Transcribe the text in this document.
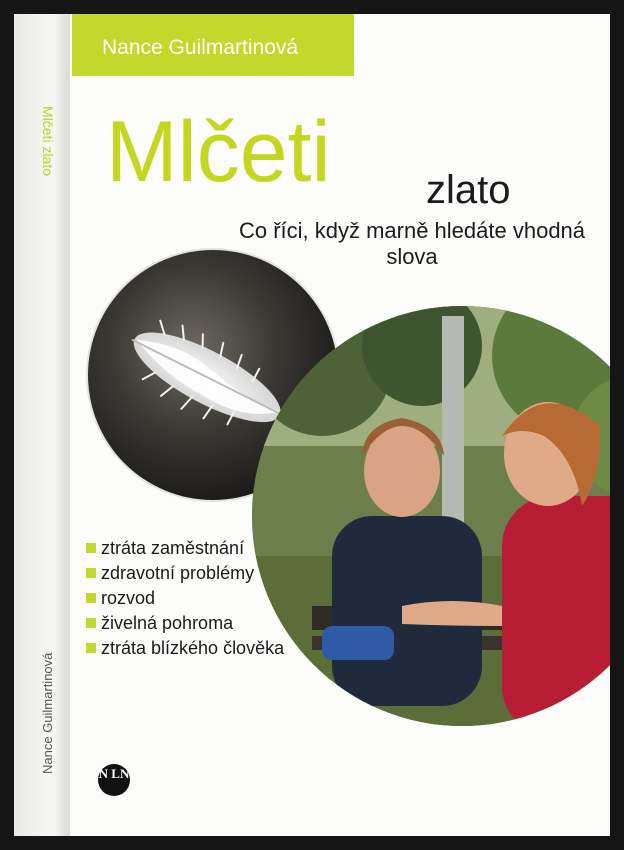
Mlčeti zlato
Nance Guilmartinová
Nance Guilmartinová
Mlčeti zlato
Co říci, když marně hledáte vhodná slova
ztráta zaměstnání
zdravotní problémy
rozvod
živelná pohroma
ztráta blízkého člověka
N LN
